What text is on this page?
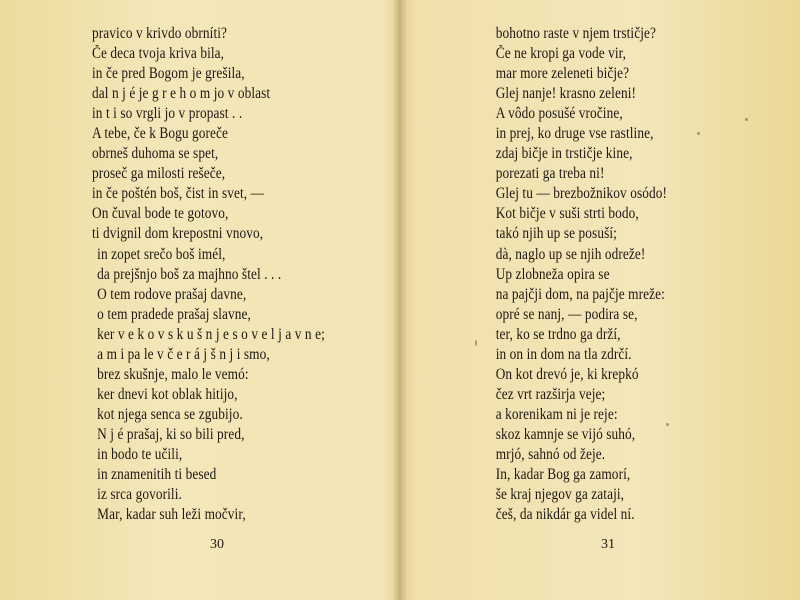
pravico v krivdo obrníti?
Če deca tvoja kriva bila,
in če pred Bogom je grešila,
dal n j é je g r e h o m jo v oblast
in t i so vrgli jo v propast . .
A tebe, če k Bogu goreče
obrneš duhoma se spet,
proseč ga milosti rešeče,
in če poštén boš, čist in svet, —
On čuval bode te gotovo,
ti dvignil dom krepostni vnovo,
in zopet srečo boš imél,
da prejšnjo boš za majhno štel . . .
O tem rodove prašaj davne,
o tem pradede prašaj slavne,
ker v e k o v s k u š n j e s o v e l j a v n e;
a m i pa le v č e r á j š n j i smo,
brez skušnje, malo le vemó:
ker dnevi kot oblak hitijo,
kot njega senca se zgubijo.
N j é prašaj, ki so bili pred,
in bodo te učili,
in znamenitih ti besed
iz srca govorili.
Mar, kadar suh leži močvir,
30
bohotno raste v njem trstičje?
Če ne kropi ga vode vir,
mar more zeleneti bičje?
Glej nanje! krasno zeleni!
A vôdo posušé vročine,
in prej, ko druge vse rastline,
zdaj bičje in trstičje kine,
porezati ga treba ni!
Glej tu — brezbožnikov osódo!
Kot bičje v suši strti bodo,
takó njih up se posuší;
dà, naglo up se njih odreže!
Up zlobneža opira se
na pajčji dom, na pajčje mreže:
opré se nanj, — podira se,
ter, ko se trdno ga drží,
in on in dom na tla zdrčí.
On kot drevó je, ki krepkó
čez vrt razširja veje;
a korenikam ni je reje:
skoz kamnje se vijó suhó,
mrjó, sahnó od žeje.
In, kadar Bog ga zamorí,
še kraj njegov ga zataji,
češ, da nikdár ga videl ní.
31
